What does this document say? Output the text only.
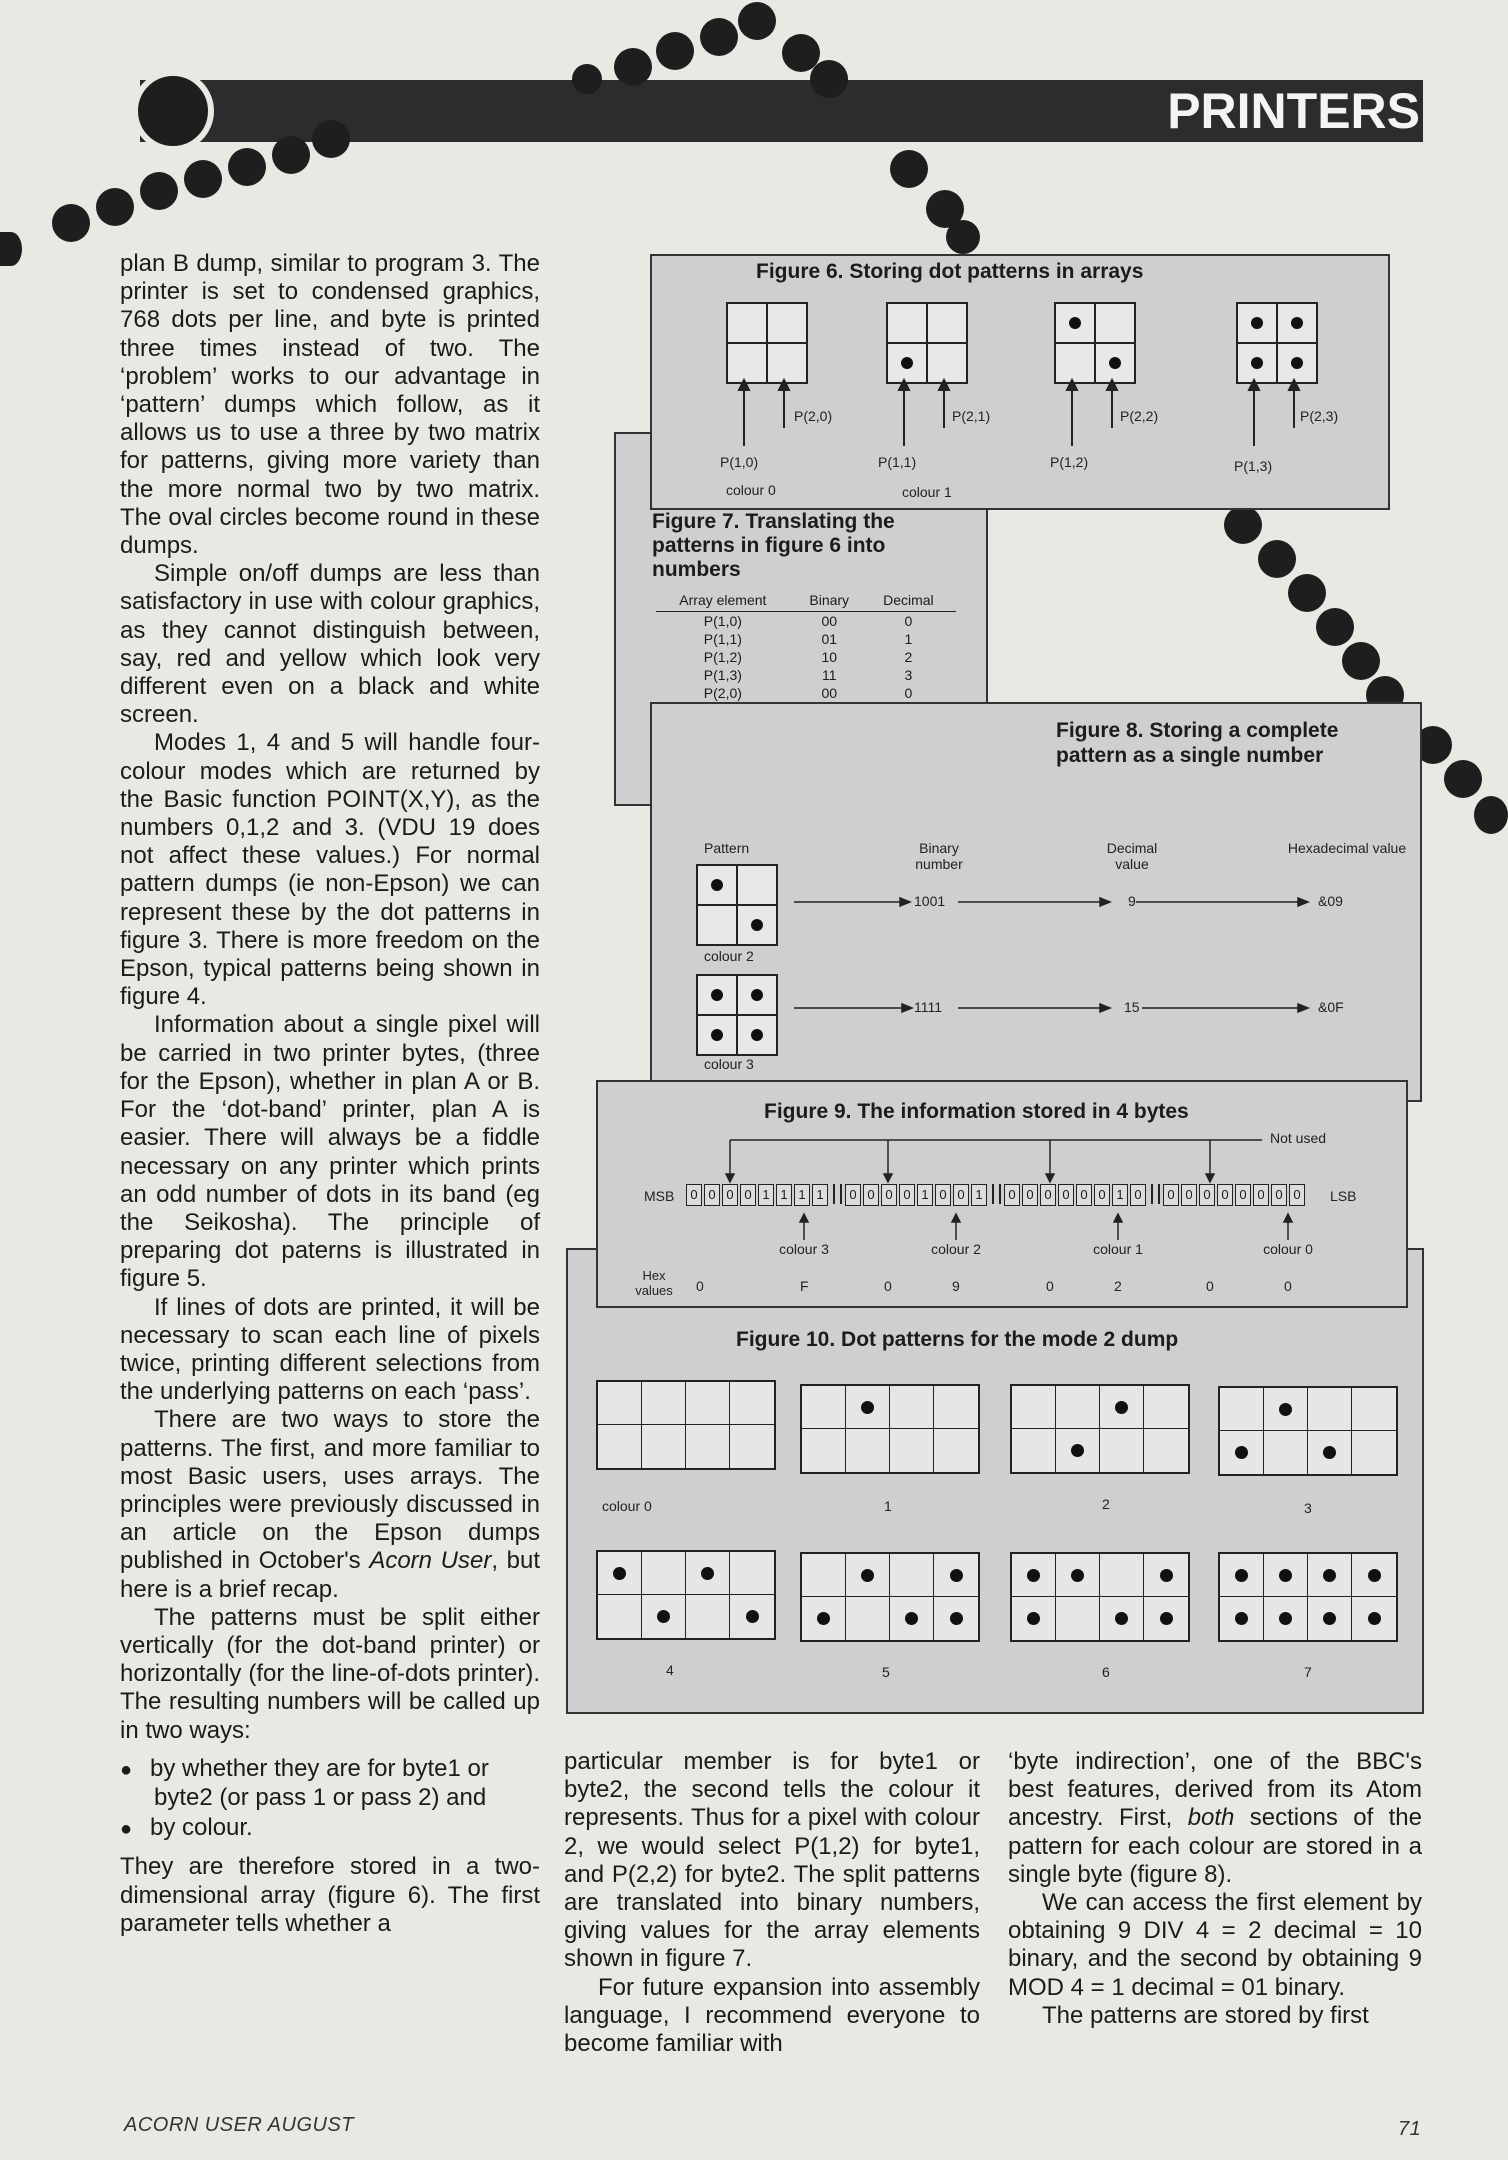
PRINTERS

plan B dump, similar to program 3. The printer is set to condensed graphics, 768 dots per line, and byte is printed three times instead of two. The ‘problem’ works to our advantage in ‘pattern’ dumps which follow, as it allows us to use a three by two matrix for patterns, giving more variety than the more normal two by two matrix. The oval circles become round in these dumps.

Simple on/off dumps are less than satisfactory in use with colour graphics, as they cannot distinguish between, say, red and yellow which look very different even on a black and white screen.

Modes 1, 4 and 5 will handle four-colour modes which are returned by the Basic function POINT(X,Y), as the numbers 0,1,2 and 3. (VDU 19 does not affect these values.) For normal pattern dumps (ie non-Epson) we can represent these by the dot patterns in figure 3. There is more freedom on the Epson, typical patterns being shown in figure 4.

Information about a single pixel will be carried in two printer bytes, (three for the Epson), whether in plan A or B. For the ‘dot-band’ printer, plan A is easier. There will always be a fiddle necessary on any printer which prints an odd number of dots in its band (eg the Seikosha). The principle of preparing dot paterns is illustrated in figure 5.

If lines of dots are printed, it will be necessary to scan each line of pixels twice, printing different selections from the underlying patterns on each ‘pass’.

There are two ways to store the patterns. The first, and more familiar to most Basic users, uses arrays. The principles were previously discussed in an article on the Epson dumps published in October's Acorn User, but here is a brief recap.

The patterns must be split either vertically (for the dot-band printer) or horizontally (for the line-of-dots printer). The resulting numbers will be called up in two ways:

● by whether they are for byte1 or byte2 (or pass 1 or pass 2) and

● by colour.

They are therefore stored in a two-dimensional array (figure 6). The first parameter tells whether a

particular member is for byte1 or byte2, the second tells the colour it represents. Thus for a pixel with colour 2, we would select P(1,2) for byte1, and P(2,2) for byte2. The split patterns are translated into binary numbers, giving values for the array elements shown in figure 7.

For future expansion into assembly language, I recommend everyone to become familiar with

‘byte indirection’, one of the BBC's best features, derived from its Atom ancestry. First, both sections of the pattern for each colour are stored in a single byte (figure 8).

We can access the first element by obtaining 9 DIV 4 = 2 decimal = 10 binary, and the second by obtaining 9 MOD 4 = 1 decimal = 01 binary.

The patterns are stored by first

Figure 7. Translating the patterns in figure 6 into numbers
Array element	Binary	Decimal
P(1,0)	00	0
P(1,1)	01	1
P(1,2)	10	2
P(1,3)	11	3
P(2,0)	00	0

Figure 6. Storing dot patterns in arrays
P(2,0)	P(2,1)	P(2,2)	P(2,3)
P(1,0)	P(1,1)	P(1,2)	P(1,3)
colour 0	colour 1
Figure 8. Storing a complete pattern as a single number
Pattern	Binary number
Decimal value
Hexadecimal value
colour 2
colour 3
1001	9	&09
1111	15	&0F
Figure 10. Dot patterns for the mode 2 dump
colour 0	1	2	3
4	5	6	7
Figure 9. The information stored in 4 bytes
Not used
MSB	0 0 0 0 1 1 1 1	0 0 0 0 1 0 0 1	0 0 0 0 0 0 1 0	0 0 0 0 0 0 0 0	LSB
colour 3	colour 2	colour 1	colour 0
Hex values 0	F	0	9	0	2	0	0
ACORN USER AUGUST	71
